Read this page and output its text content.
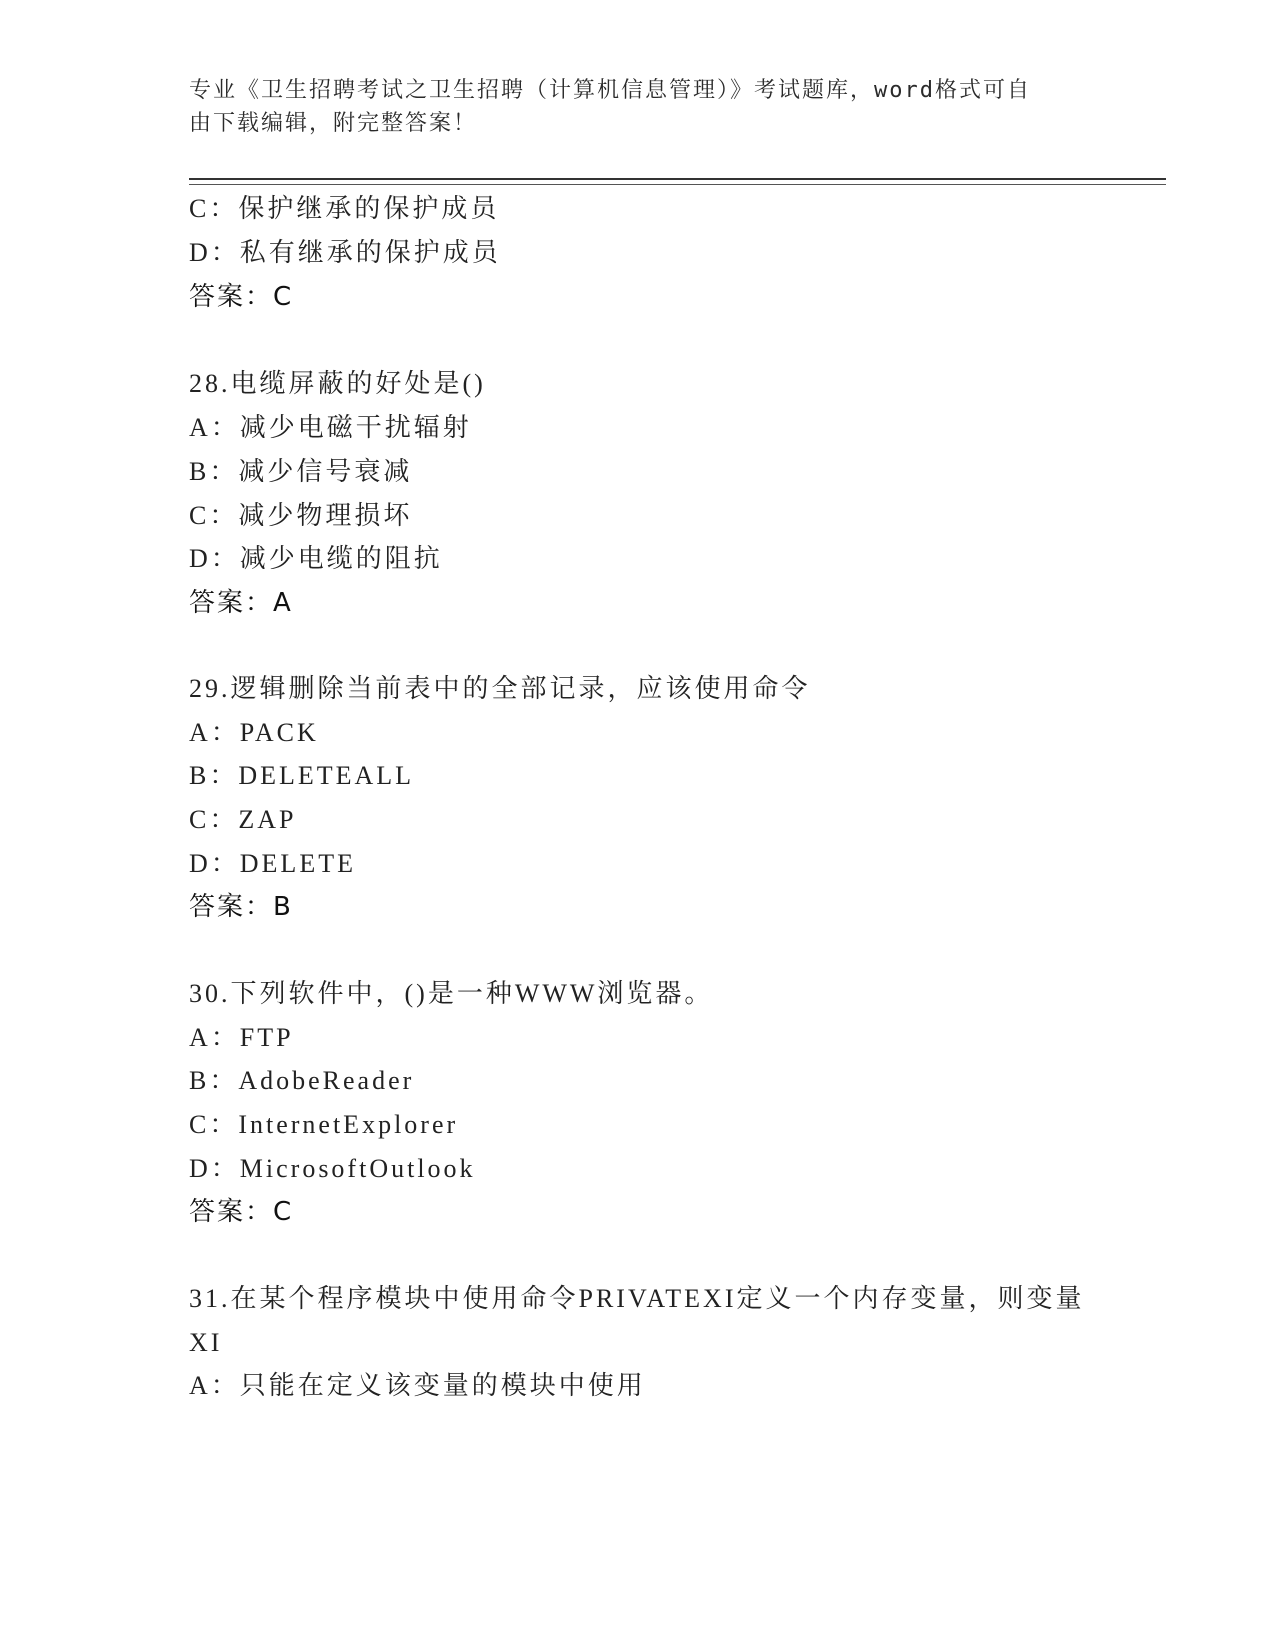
专业《卫生招聘考试之卫生招聘（计算机信息管理）》考试题库，word格式可自
由下载编辑，附完整答案！
C：保护继承的保护成员
D：私有继承的保护成员
答案：C
28.电缆屏蔽的好处是()
A：减少电磁干扰辐射
B：减少信号衰减
C：减少物理损坏
D：减少电缆的阻抗
答案：A
29.逻辑删除当前表中的全部记录，应该使用命令
A：PACK
B：DELETEALL
C：ZAP
D：DELETE
答案：B
30.下列软件中，()是一种WWW浏览器。
A：FTP
B：AdobeReader
C：InternetExplorer
D：MicrosoftOutlook
答案：C
31.在某个程序模块中使用命令PRIVATEXI定义一个内存变量，则变量
XI
A：只能在定义该变量的模块中使用
